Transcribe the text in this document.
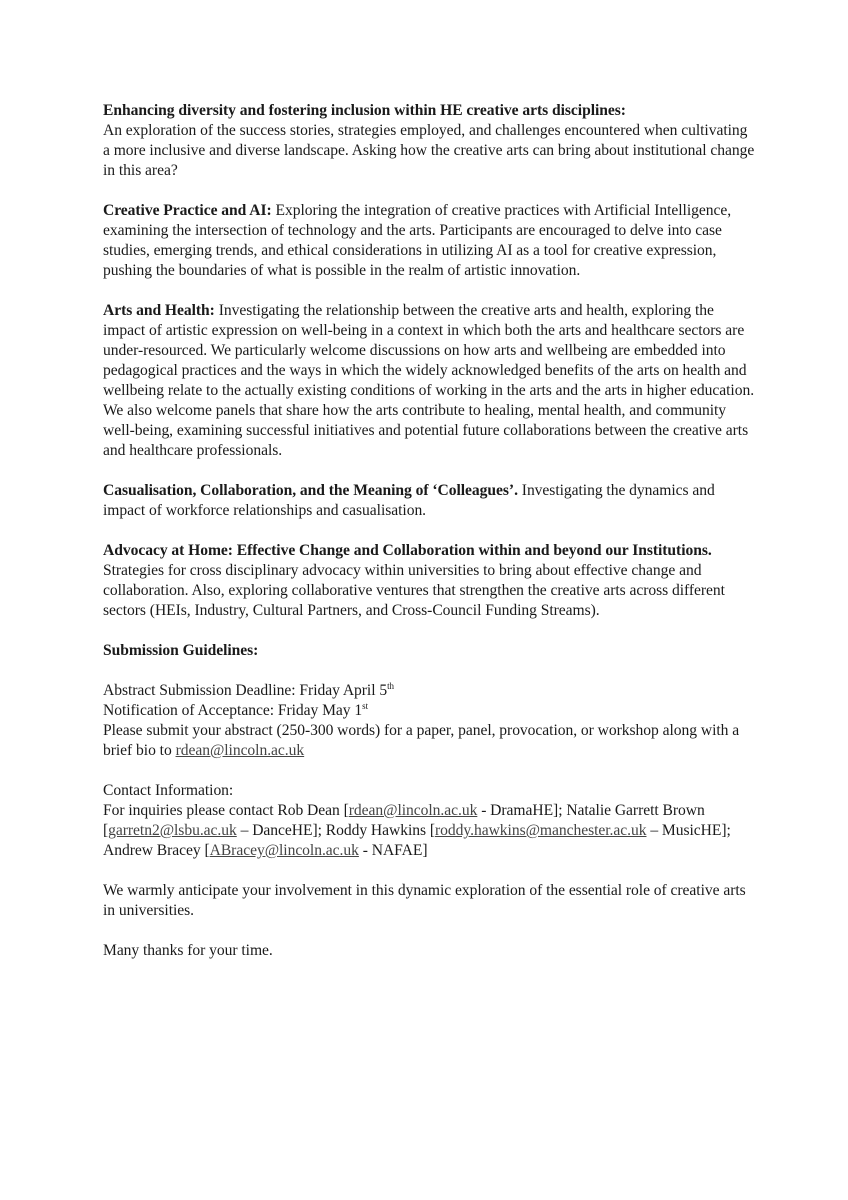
Enhancing diversity and fostering inclusion within HE creative arts disciplines:
An exploration of the success stories, strategies employed, and challenges encountered when cultivating a more inclusive and diverse landscape. Asking how the creative arts can bring about institutional change in this area?

Creative Practice and AI: Exploring the integration of creative practices with Artificial Intelligence, examining the intersection of technology and the arts. Participants are encouraged to delve into case studies, emerging trends, and ethical considerations in utilizing AI as a tool for creative expression, pushing the boundaries of what is possible in the realm of artistic innovation.

Arts and Health: Investigating the relationship between the creative arts and health, exploring the impact of artistic expression on well-being in a context in which both the arts and healthcare sectors are under-resourced. We particularly welcome discussions on how arts and wellbeing are embedded into pedagogical practices and the ways in which the widely acknowledged benefits of the arts on health and wellbeing relate to the actually existing conditions of working in the arts and the arts in higher education. We also welcome panels that share how the arts contribute to healing, mental health, and community well-being, examining successful initiatives and potential future collaborations between the creative arts and healthcare professionals.

Casualisation, Collaboration, and the Meaning of ‘Colleagues’. Investigating the dynamics and impact of workforce relationships and casualisation.

Advocacy at Home: Effective Change and Collaboration within and beyond our Institutions. Strategies for cross disciplinary advocacy within universities to bring about effective change and collaboration. Also, exploring collaborative ventures that strengthen the creative arts across different sectors (HEIs, Industry, Cultural Partners, and Cross-Council Funding Streams).

Submission Guidelines:

Abstract Submission Deadline: Friday April 5th
Notification of Acceptance: Friday May 1st
Please submit your abstract (250-300 words) for a paper, panel, provocation, or workshop along with a brief bio to rdean@lincoln.ac.uk

Contact Information:
For inquiries please contact Rob Dean [rdean@lincoln.ac.uk - DramaHE]; Natalie Garrett Brown [garretn2@lsbu.ac.uk – DanceHE]; Roddy Hawkins [roddy.hawkins@manchester.ac.uk – MusicHE]; Andrew Bracey [ABracey@lincoln.ac.uk - NAFAE]

We warmly anticipate your involvement in this dynamic exploration of the essential role of creative arts in universities.

Many thanks for your time.
